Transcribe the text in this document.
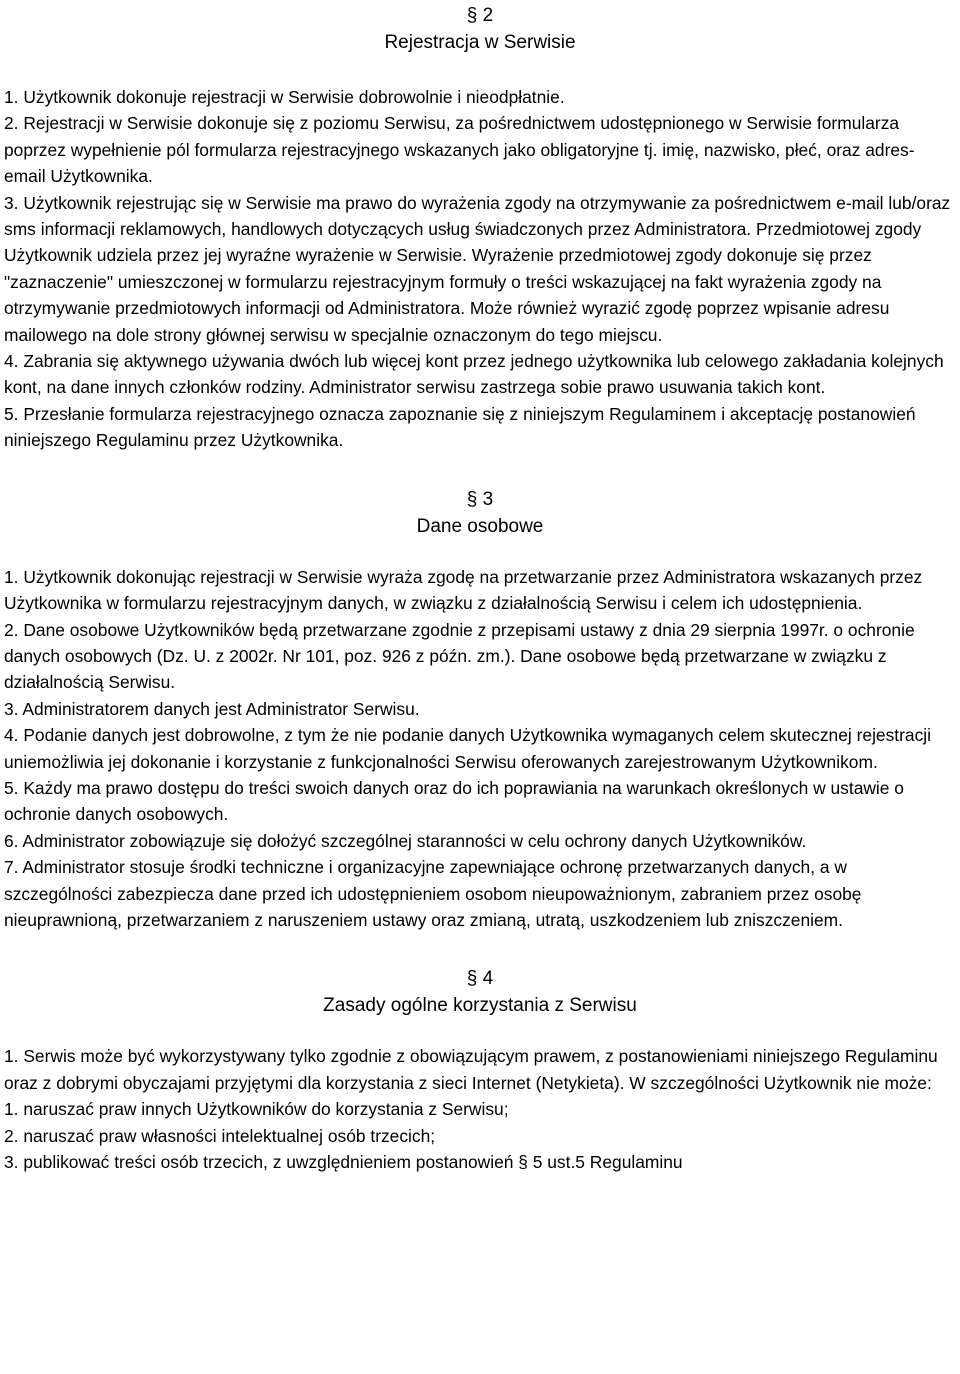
§ 2
Rejestracja w Serwisie

1. Użytkownik dokonuje rejestracji w Serwisie dobrowolnie i nieodpłatnie.

2. Rejestracji w Serwisie dokonuje się z poziomu Serwisu, za pośrednictwem udostępnionego w Serwisie formularza poprzez wypełnienie pól formularza rejestracyjnego wskazanych jako obligatoryjne tj. imię, nazwisko, płeć, oraz adres-email Użytkownika.

3. Użytkownik rejestrując się w Serwisie ma prawo do wyrażenia zgody na otrzymywanie za pośrednictwem e-mail lub/oraz sms informacji reklamowych, handlowych dotyczących usług świadczonych przez Administratora. Przedmiotowej zgody Użytkownik udziela przez jej wyraźne wyrażenie w Serwisie. Wyrażenie przedmiotowej zgody dokonuje się przez "zaznaczenie" umieszczonej w formularzu rejestracyjnym formuły o treści wskazującej na fakt wyrażenia zgody na otrzymywanie przedmiotowych informacji od Administratora. Może również wyrazić zgodę poprzez wpisanie adresu mailowego na dole strony głównej serwisu w specjalnie oznaczonym do tego miejscu.

4. Zabrania się aktywnego używania dwóch lub więcej kont przez jednego użytkownika lub celowego zakładania kolejnych kont, na dane innych członków rodziny. Administrator serwisu zastrzega sobie prawo usuwania takich kont.

5. Przesłanie formularza rejestracyjnego oznacza zapoznanie się z niniejszym Regulaminem i akceptację postanowień niniejszego Regulaminu przez Użytkownika.

§ 3
Dane osobowe

1. Użytkownik dokonując rejestracji w Serwisie wyraża zgodę na przetwarzanie przez Administratora wskazanych przez Użytkownika w formularzu rejestracyjnym danych, w związku z działalnością Serwisu i celem ich udostępnienia.

2. Dane osobowe Użytkowników będą przetwarzane zgodnie z przepisami ustawy z dnia 29 sierpnia 1997r. o ochronie danych osobowych (Dz. U. z 2002r. Nr 101, poz. 926 z późn. zm.). Dane osobowe będą przetwarzane w związku z działalnością Serwisu.

3. Administratorem danych jest Administrator Serwisu.

4. Podanie danych jest dobrowolne, z tym że nie podanie danych Użytkownika wymaganych celem skutecznej rejestracji uniemożliwia jej dokonanie i korzystanie z funkcjonalności Serwisu oferowanych zarejestrowanym Użytkownikom.

5. Każdy ma prawo dostępu do treści swoich danych oraz do ich poprawiania na warunkach określonych w ustawie o ochronie danych osobowych.

6. Administrator zobowiązuje się dołożyć szczególnej staranności w celu ochrony danych Użytkowników.

7. Administrator stosuje środki techniczne i organizacyjne zapewniające ochronę przetwarzanych danych, a w szczególności zabezpiecza dane przed ich udostępnieniem osobom nieupoważnionym, zabraniem przez osobę nieuprawnioną, przetwarzaniem z naruszeniem ustawy oraz zmianą, utratą, uszkodzeniem lub zniszczeniem.

§ 4
Zasady ogólne korzystania z Serwisu

1. Serwis może być wykorzystywany tylko zgodnie z obowiązującym prawem, z postanowieniami niniejszego Regulaminu oraz z dobrymi obyczajami przyjętymi dla korzystania z sieci Internet (Netykieta). W szczególności Użytkownik nie może:

1. naruszać praw innych Użytkowników do korzystania z Serwisu;

2. naruszać praw własności intelektualnej osób trzecich;

3. publikować treści osób trzecich, z uwzględnieniem postanowień § 5 ust.5 Regulaminu
